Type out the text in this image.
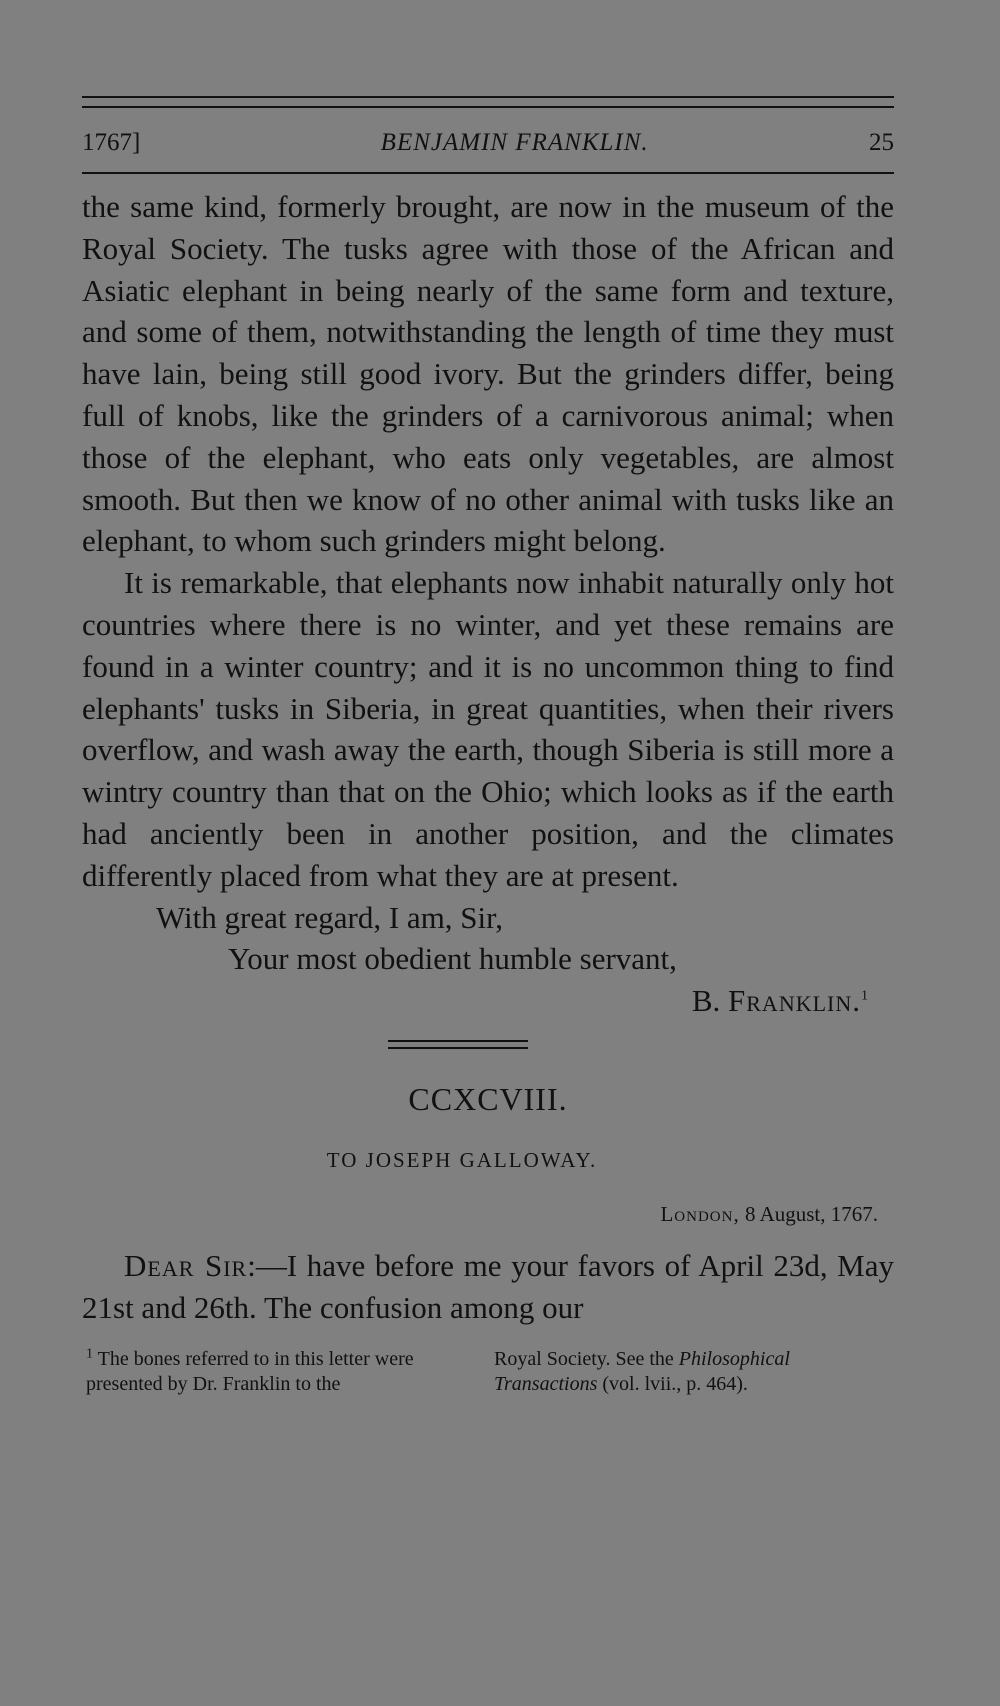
1767]	BENJAMIN FRANKLIN.	25

the same kind, formerly brought, are now in the museum of the Royal Society. The tusks agree with those of the African and Asiatic elephant in being nearly of the same form and texture, and some of them, notwithstanding the length of time they must have lain, being still good ivory. But the grinders differ, being full of knobs, like the grinders of a carnivorous animal; when those of the elephant, who eats only vegetables, are almost smooth. But then we know of no other animal with tusks like an elephant, to whom such grinders might belong.

It is remarkable, that elephants now inhabit naturally only hot countries where there is no winter, and yet these remains are found in a winter country; and it is no uncommon thing to find elephants' tusks in Siberia, in great quantities, when their rivers overflow, and wash away the earth, though Siberia is still more a wintry country than that on the Ohio; which looks as if the earth had anciently been in another position, and the climates differently placed from what they are at present.

With great regard, I am, Sir,
Your most obedient humble servant,
B. Franklin.$^1$
CCXCVIII.
TO JOSEPH GALLOWAY.
London, 8 August, 1767.

Dear Sir:—I have before me your favors of April 23d, May 21st and 26th. The confusion among our

$^1$ The bones referred to in this letter were presented by Dr. Franklin to the
Royal Society. See the Philosophical Transactions (vol. lvii., p. 464).
